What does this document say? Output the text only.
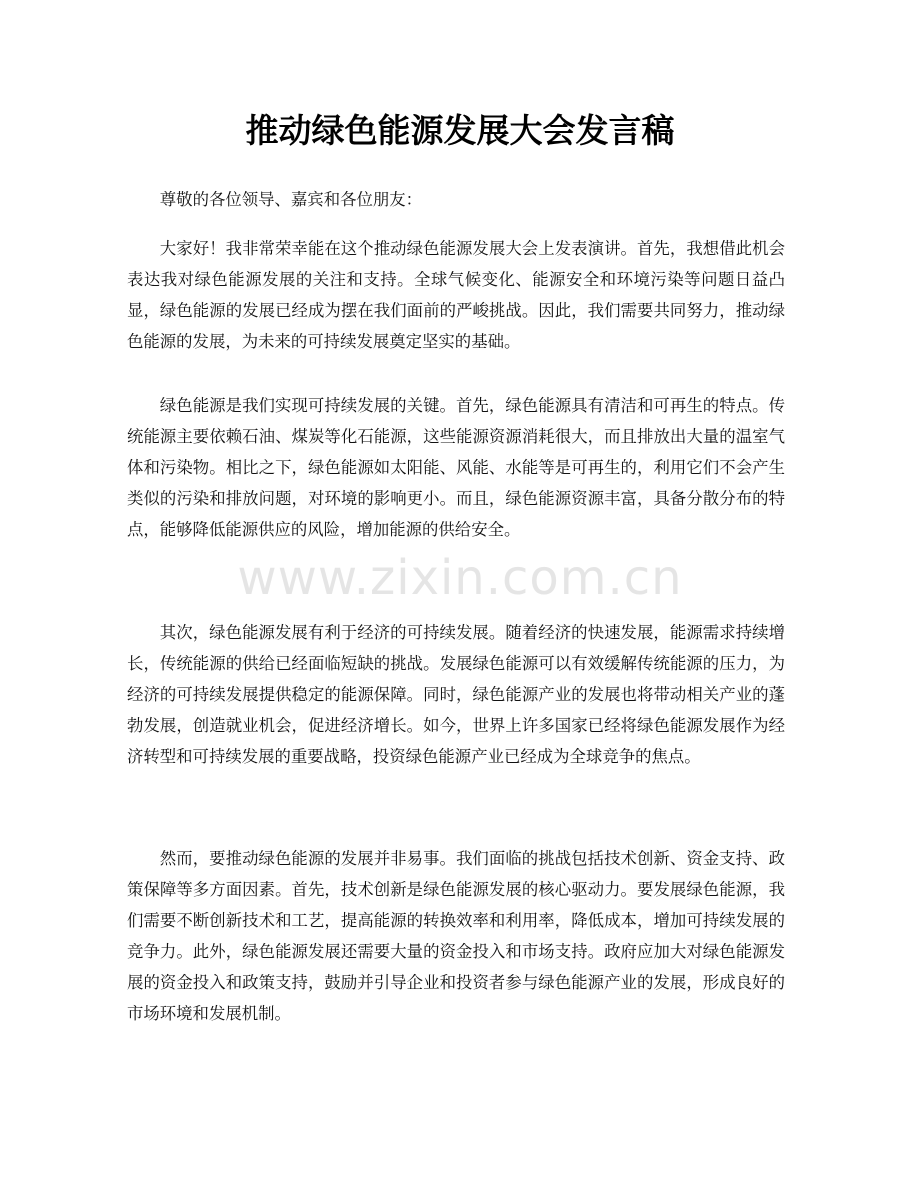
推动绿色能源发展大会发言稿

尊敬的各位领导、嘉宾和各位朋友：

大家好！我非常荣幸能在这个推动绿色能源发展大会上发表演讲。首先，我想借此机会表达我对绿色能源发展的关注和支持。全球气候变化、能源安全和环境污染等问题日益凸显，绿色能源的发展已经成为摆在我们面前的严峻挑战。因此，我们需要共同努力，推动绿色能源的发展，为未来的可持续发展奠定坚实的基础。

绿色能源是我们实现可持续发展的关键。首先，绿色能源具有清洁和可再生的特点。传统能源主要依赖石油、煤炭等化石能源，这些能源资源消耗很大，而且排放出大量的温室气体和污染物。相比之下，绿色能源如太阳能、风能、水能等是可再生的，利用它们不会产生类似的污染和排放问题，对环境的影响更小。而且，绿色能源资源丰富，具备分散分布的特点，能够降低能源供应的风险，增加能源的供给安全。

其次，绿色能源发展有利于经济的可持续发展。随着经济的快速发展，能源需求持续增长，传统能源的供给已经面临短缺的挑战。发展绿色能源可以有效缓解传统能源的压力，为经济的可持续发展提供稳定的能源保障。同时，绿色能源产业的发展也将带动相关产业的蓬勃发展，创造就业机会，促进经济增长。如今，世界上许多国家已经将绿色能源发展作为经济转型和可持续发展的重要战略，投资绿色能源产业已经成为全球竞争的焦点。

然而，要推动绿色能源的发展并非易事。我们面临的挑战包括技术创新、资金支持、政策保障等多方面因素。首先，技术创新是绿色能源发展的核心驱动力。要发展绿色能源，我们需要不断创新技术和工艺，提高能源的转换效率和利用率，降低成本，增加可持续发展的竞争力。此外，绿色能源发展还需要大量的资金投入和市场支持。政府应加大对绿色能源发展的资金投入和政策支持，鼓励并引导企业和投资者参与绿色能源产业的发展，形成良好的市场环境和发展机制。

www.zixin.com.cn
